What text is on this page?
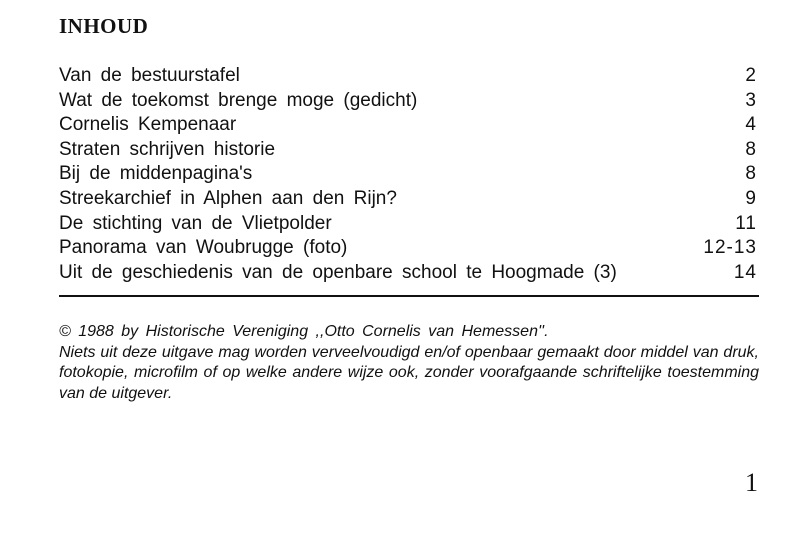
INHOUD
Van de bestuurstafel	2
Wat de toekomst brenge moge (gedicht)	3
Cornelis Kempenaar	4
Straten schrijven historie	8
Bij de middenpagina's	8
Streekarchief in Alphen aan den Rijn?	9
De stichting van de Vlietpolder	11
Panorama van Woubrugge (foto)	12-13
Uit de geschiedenis van de openbare school te Hoogmade (3)	14

© 1988 by Historische Vereniging ,,Otto Cornelis van Hemessen''.

Niets uit deze uitgave mag worden verveelvoudigd en/of openbaar gemaakt door middel van druk, fotokopie, microfilm of op welke andere wijze ook, zonder voorafgaande schriftelijke toestemming van de uitgever.

1
